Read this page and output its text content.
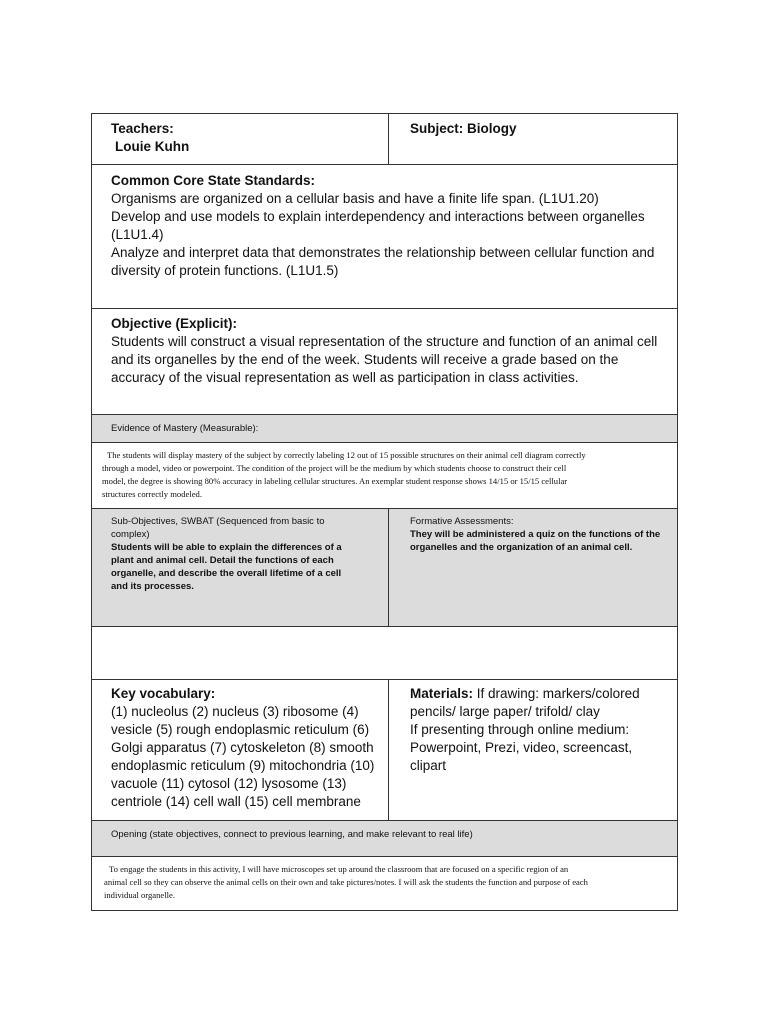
Teachers:
Louie Kuhn
Subject: Biology
Common Core State Standards:
Organisms are organized on a cellular basis and have a finite life span. (L1U1.20)
Develop and use models to explain interdependency and interactions between organelles
(L1U1.4)
Analyze and interpret data that demonstrates the relationship between cellular function and
diversity of protein functions. (L1U1.5)
Objective (Explicit):
Students will construct a visual representation of the structure and function of an animal cell
and its organelles by the end of the week. Students will receive a grade based on the
accuracy of the visual representation as well as participation in class activities.
Evidence of Mastery (Measurable):
The students will display mastery of the subject by correctly labeling 12 out of 15 possible structures on their animal cell diagram correctly
through a model, video or powerpoint. The condition of the project will be the medium by which students choose to construct their cell
model, the degree is showing 80% accuracy in labeling cellular structures. An exemplar student response shows 14/15 or 15/15 cellular
structures correctly modeled.
Sub-Objectives, SWBAT (Sequenced from basic to
complex)
Students will be able to explain the differences of a
plant and animal cell. Detail the functions of each
organelle, and describe the overall lifetime of a cell
and its processes.
Formative Assessments:
They will be administered a quiz on the functions of the
organelles and the organization of an animal cell.
Key vocabulary:
(1) nucleolus (2) nucleus (3) ribosome (4)
vesicle (5) rough endoplasmic reticulum (6)
Golgi apparatus (7) cytoskeleton (8) smooth
endoplasmic reticulum (9) mitochondria (10)
vacuole (11) cytosol (12) lysosome (13)
centriole (14) cell wall (15) cell membrane
Materials: If drawing: markers/colored
pencils/ large paper/ trifold/ clay
If presenting through online medium:
Powerpoint, Prezi, video, screencast,
clipart
Opening (state objectives, connect to previous learning, and make relevant to real life)
To engage the students in this activity, I will have microscopes set up around the classroom that are focused on a specific region of an
animal cell so they can observe the animal cells on their own and take pictures/notes. I will ask the students the function and purpose of each
individual organelle.
